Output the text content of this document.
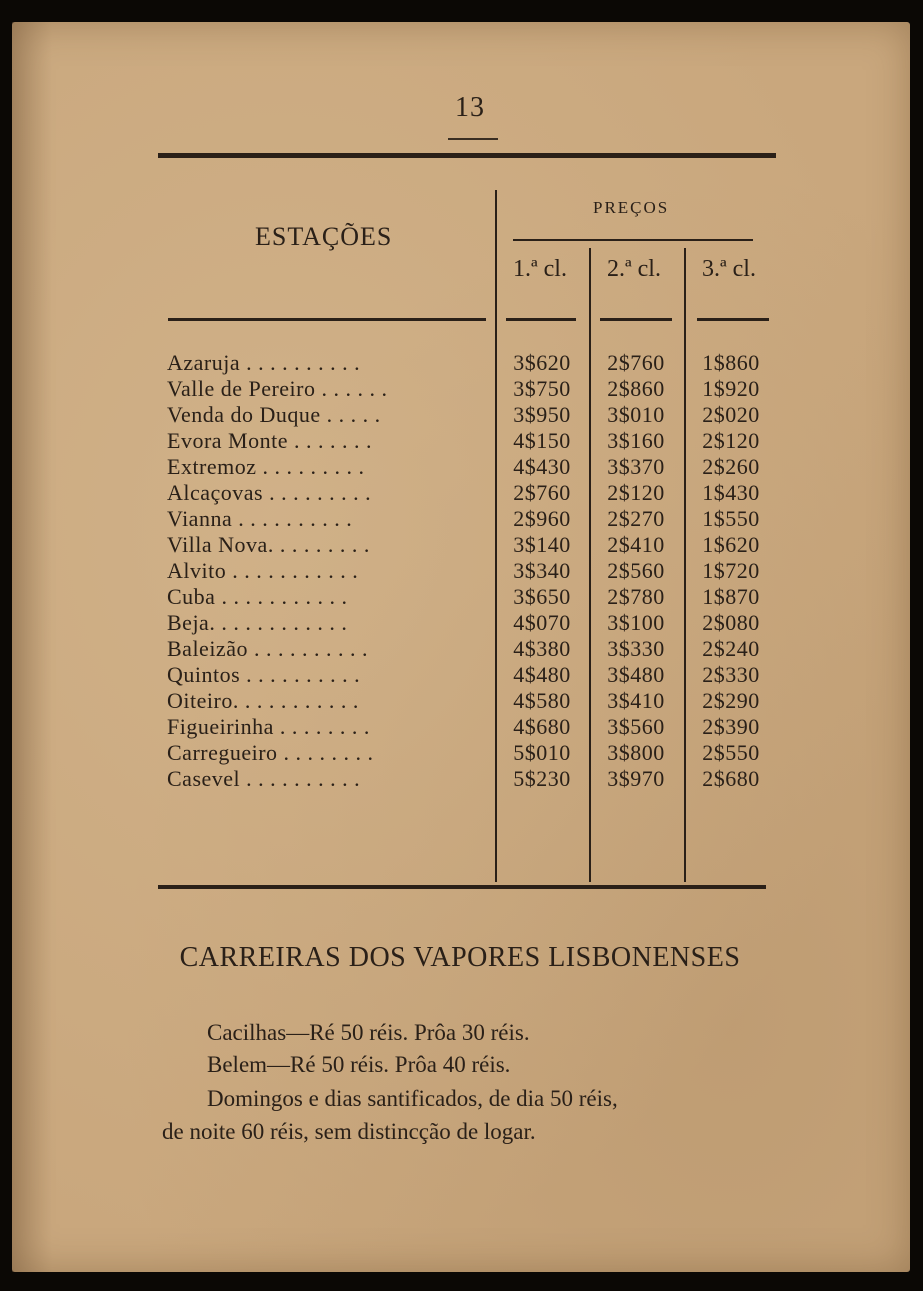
13
ESTAÇÕES
PREÇOS
1.ª cl.	2.ª cl.	3.ª cl.
Azaruja . . . . . . . . . .	3$620	2$760	1$860
Valle de Pereiro . . . . . .	3$750	2$860	1$920
Venda do Duque . . . . .	3$950	3$010	2$020
Evora Monte . . . . . . .	4$150	3$160	2$120
Extremoz . . . . . . . . .	4$430	3$370	2$260
Alcaçovas . . . . . . . . .	2$760	2$120	1$430
Vianna . . . . . . . . . .	2$960	2$270	1$550
Villa Nova. . . . . . . . .	3$140	2$410	1$620
Alvito . . . . . . . . . . .	3$340	2$560	1$720
Cuba . . . . . . . . . . .	3$650	2$780	1$870
Beja. . . . . . . . . . . .	4$070	3$100	2$080
Baleizão . . . . . . . . . .	4$380	3$330	2$240
Quintos . . . . . . . . . .	4$480	3$480	2$330
Oiteiro. . . . . . . . . . .	4$580	3$410	2$290
Figueirinha . . . . . . . .	4$680	3$560	2$390
Carregueiro . . . . . . . .	5$010	3$800	2$550
Casevel . . . . . . . . . .	5$230	3$970	2$680
CARREIRAS DOS VAPORES LISBONENSES
Cacilhas—Ré 50 réis. Prôa 30 réis.
Belem—Ré 50 réis. Prôa 40 réis.
Domingos e dias santificados, de dia 50 réis,
de noite 60 réis, sem distincção de logar.
